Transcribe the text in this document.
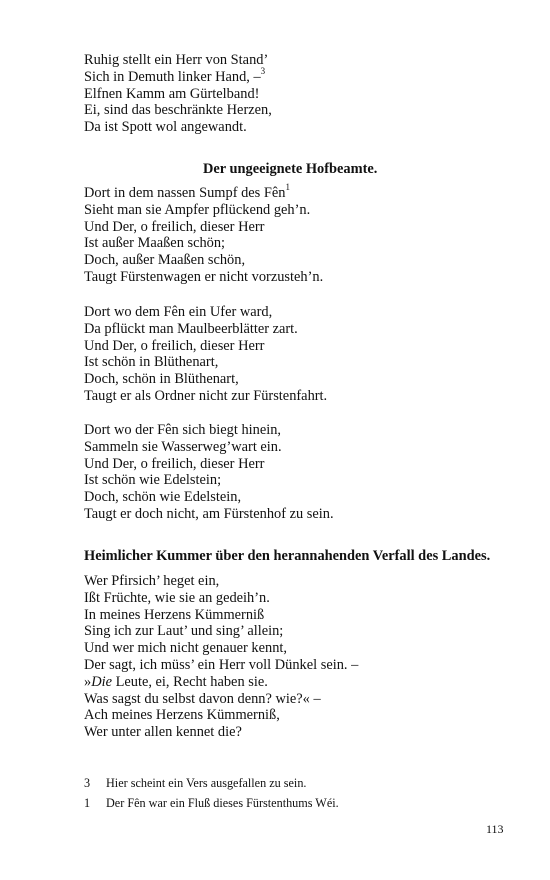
Ruhig stellt ein Herr von Stand’
Sich in Demuth linker Hand, –$^3$
Elfnen Kamm am Gürtelband!
Ei, sind das beschränkte Herzen,
Da ist Spott wol angewandt.
Der ungeeignete Hofbeamte.
Dort in dem nassen Sumpf des Fên$^1$
Sieht man sie Ampfer pflückend geh’n.
Und Der, o freilich, dieser Herr
Ist außer Maaßen schön;
Doch, außer Maaßen schön,
Taugt Fürstenwagen er nicht vorzusteh’n.
Dort wo dem Fên ein Ufer ward,
Da pflückt man Maulbeerblätter zart.
Und Der, o freilich, dieser Herr
Ist schön in Blüthenart,
Doch, schön in Blüthenart,
Taugt er als Ordner nicht zur Fürstenfahrt.
Dort wo der Fên sich biegt hinein,
Sammeln sie Wasserweg’wart ein.
Und Der, o freilich, dieser Herr
Ist schön wie Edelstein;
Doch, schön wie Edelstein,
Taugt er doch nicht, am Fürstenhof zu sein.
Heimlicher Kummer über den herannahenden Verfall des Landes.
Wer Pfirsich’ heget ein,
Ißt Früchte, wie sie an gedeih’n.
In meines Herzens Kümmerniß
Sing ich zur Laut’ und sing’ allein;
Und wer mich nicht genauer kennt,
Der sagt, ich müss’ ein Herr voll Dünkel sein. –
»Die Leute, ei, Recht haben sie.
Was sagst du selbst davon denn? wie?« –
Ach meines Herzens Kümmerniß,
Wer unter allen kennet die?
3 Hier scheint ein Vers ausgefallen zu sein.
1 Der Fên war ein Fluß dieses Fürstenthums Wéi.
113
